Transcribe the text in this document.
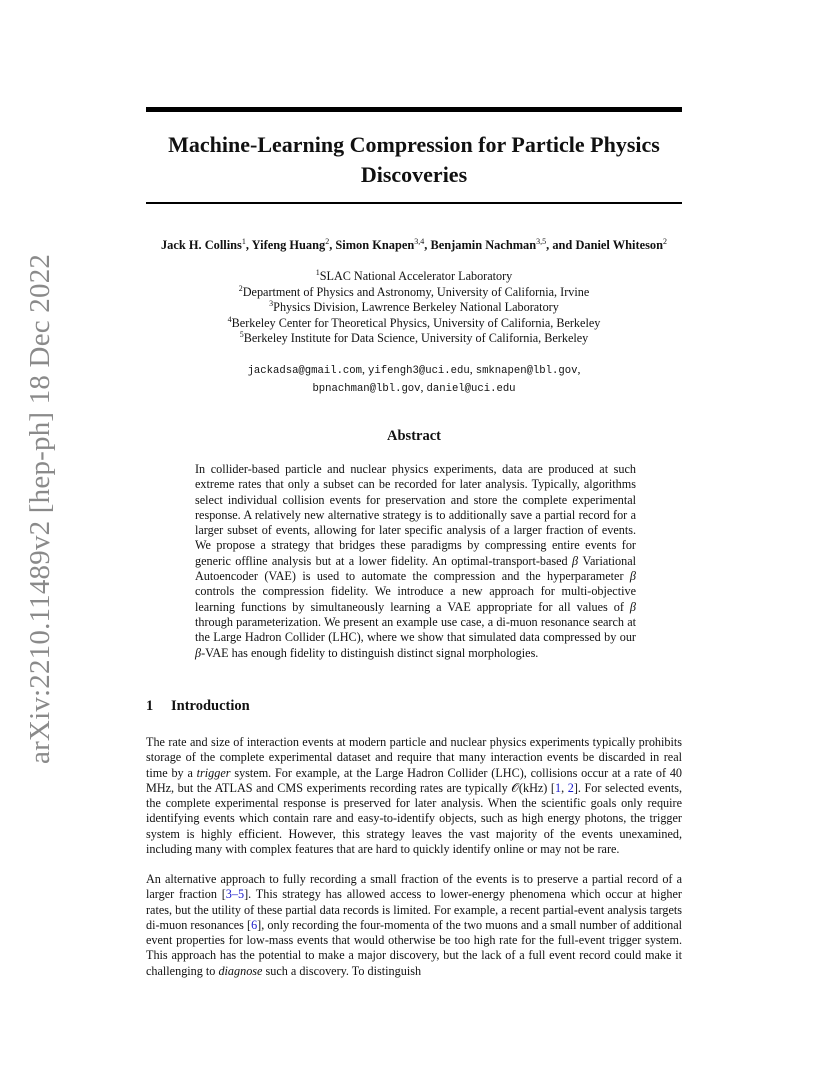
arXiv:2210.11489v2 [hep-ph] 18 Dec 2022
Machine-Learning Compression for Particle Physics Discoveries
Jack H. Collins$^1$, Yifeng Huang$^2$, Simon Knapen$^{3,4}$, Benjamin Nachman$^{3,5}$, and Daniel Whiteson$^2$
$^1$SLAC National Accelerator Laboratory
$^2$Department of Physics and Astronomy, University of California, Irvine
$^3$Physics Division, Lawrence Berkeley National Laboratory
$^4$Berkeley Center for Theoretical Physics, University of California, Berkeley
$^5$Berkeley Institute for Data Science, University of California, Berkeley
jackadsa@gmail.com, yifengh3@uci.edu, smknapen@lbl.gov,
bpnachman@lbl.gov, daniel@uci.edu
Abstract
In collider-based particle and nuclear physics experiments, data are produced at such extreme rates that only a subset can be recorded for later analysis. Typically, algorithms select individual collision events for preservation and store the complete experimental response. A relatively new alternative strategy is to additionally save a partial record for a larger subset of events, allowing for later specific analysis of a larger fraction of events. We propose a strategy that bridges these paradigms by compressing entire events for generic offline analysis but at a lower fidelity. An optimal-transport-based β Variational Autoencoder (VAE) is used to automate the compression and the hyperparameter β controls the compression fidelity. We introduce a new approach for multi-objective learning functions by simultaneously learning a VAE appropriate for all values of β through parameterization. We present an example use case, a di-muon resonance search at the Large Hadron Collider (LHC), where we show that simulated data compressed by our β-VAE has enough fidelity to distinguish distinct signal morphologies.
1 Introduction
The rate and size of interaction events at modern particle and nuclear physics experiments typically prohibits storage of the complete experimental dataset and require that many interaction events be discarded in real time by a trigger system. For example, at the Large Hadron Collider (LHC), collisions occur at a rate of 40 MHz, but the ATLAS and CMS experiments recording rates are typically 𝒪(kHz) [1, 2]. For selected events, the complete experimental response is preserved for later analysis. When the scientific goals only require identifying events which contain rare and easy-to-identify objects, such as high energy photons, the trigger system is highly efficient. However, this strategy leaves the vast majority of the events unexamined, including many with complex features that are hard to quickly identify online or may not be rare.
An alternative approach to fully recording a small fraction of the events is to preserve a partial record of a larger fraction [3–5]. This strategy has allowed access to lower-energy phenomena which occur at higher rates, but the utility of these partial data records is limited. For example, a recent partial-event analysis targets di-muon resonances [6], only recording the four-momenta of the two muons and a small number of additional event properties for low-mass events that would otherwise be too high rate for the full-event trigger system. This approach has the potential to make a major discovery, but the lack of a full event record could make it challenging to diagnose such a discovery. To distinguish
